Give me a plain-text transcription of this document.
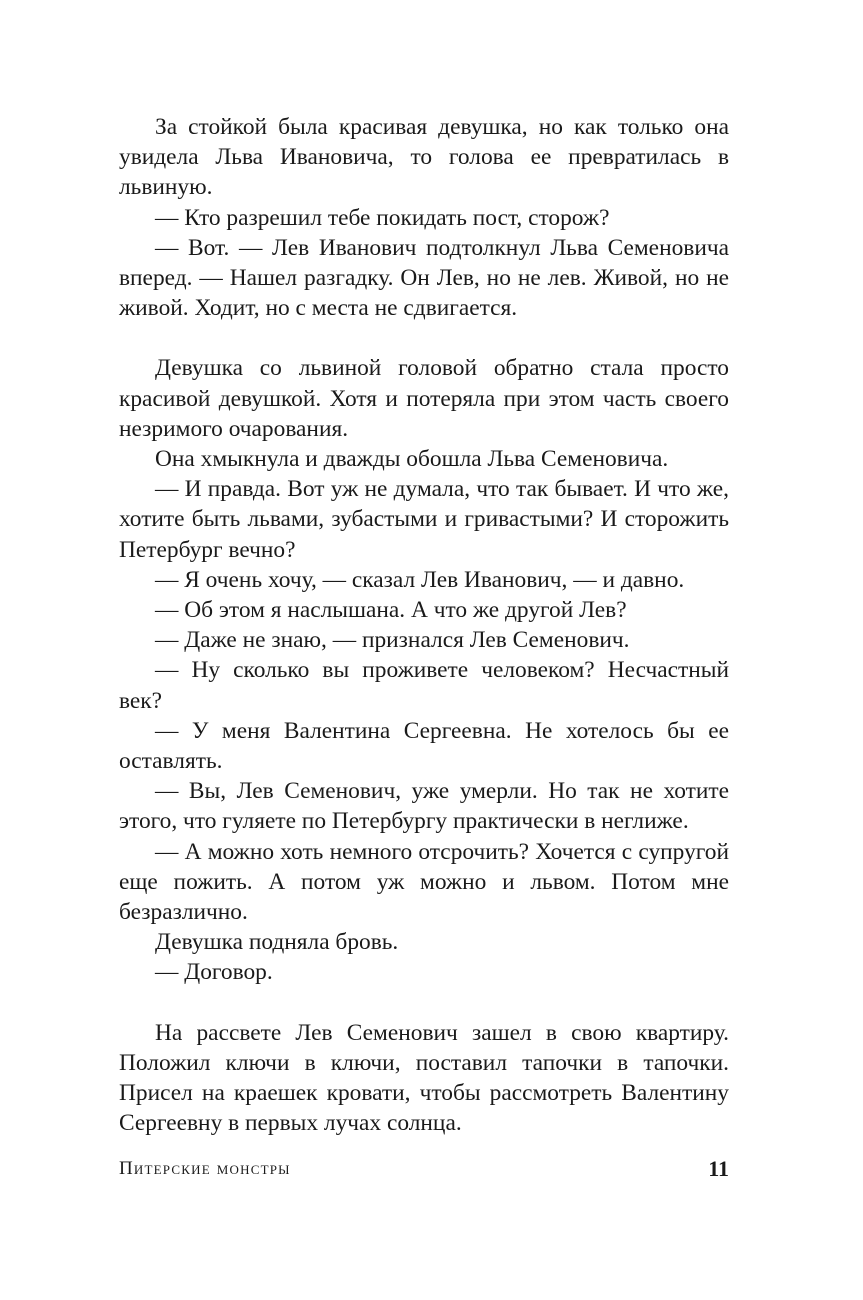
За стойкой была красивая девушка, но как только она увидела Льва Ивановича, то голова ее превратилась в львиную.

— Кто разрешил тебе покидать пост, сторож?

— Вот. — Лев Иванович подтолкнул Льва Семеновича вперед. — Нашел разгадку. Он Лев, но не лев. Живой, но не живой. Ходит, но с места не сдвигается.

Девушка со львиной головой обратно стала просто красивой девушкой. Хотя и потеряла при этом часть своего незримого очарования.

Она хмыкнула и дважды обошла Льва Семеновича.

— И правда. Вот уж не думала, что так бывает. И что же, хотите быть львами, зубастыми и гривастыми? И сторожить Петербург вечно?

— Я очень хочу, — сказал Лев Иванович, — и давно.

— Об этом я наслышана. А что же другой Лев?

— Даже не знаю, — признался Лев Семенович.

— Ну сколько вы проживете человеком? Несчастный век?

— У меня Валентина Сергеевна. Не хотелось бы ее оставлять.

— Вы, Лев Семенович, уже умерли. Но так не хотите этого, что гуляете по Петербургу практически в неглиже.

— А можно хоть немного отсрочить? Хочется с супругой еще пожить. А потом уж можно и львом. Потом мне безразлично.

Девушка подняла бровь.

— Договор.

На рассвете Лев Семенович зашел в свою квартиру. Положил ключи в ключи, поставил тапочки в тапочки. Присел на краешек кровати, чтобы рассмотреть Валентину Сергеевну в первых лучах солнца.

Питерские монстры	11
